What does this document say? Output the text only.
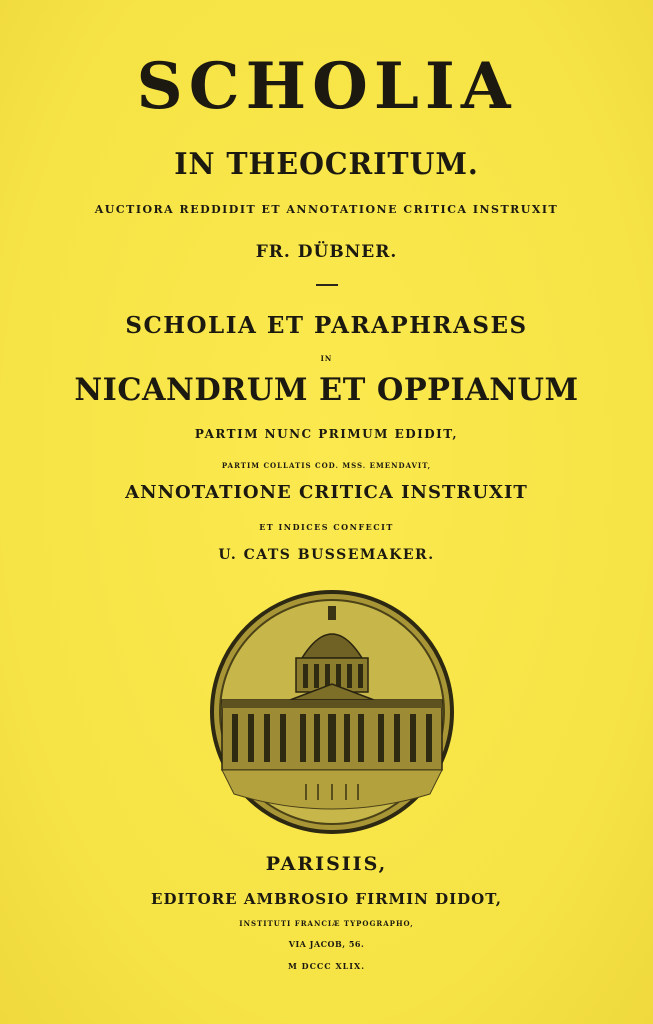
SCHOLIA
IN THEOCRITUM.
AUCTIORA REDDIDIT ET ANNOTATIONE CRITICA INSTRUXIT
FR. DÜBNER.
SCHOLIA ET PARAPHRASES
IN
NICANDRUM ET OPPIANUM
PARTIM NUNC PRIMUM EDIDIT,
PARTIM COLLATIS COD. MSS. EMENDAVIT,
ANNOTATIONE CRITICA INSTRUXIT
ET INDICES CONFECIT
U. CATS BUSSEMAKER.
PARISIIS,
EDITORE AMBROSIO FIRMIN DIDOT,
INSTITUTI FRANCIÆ TYPOGRAPHO,
VIA JACOB, 56.
M DCCC XLIX.
